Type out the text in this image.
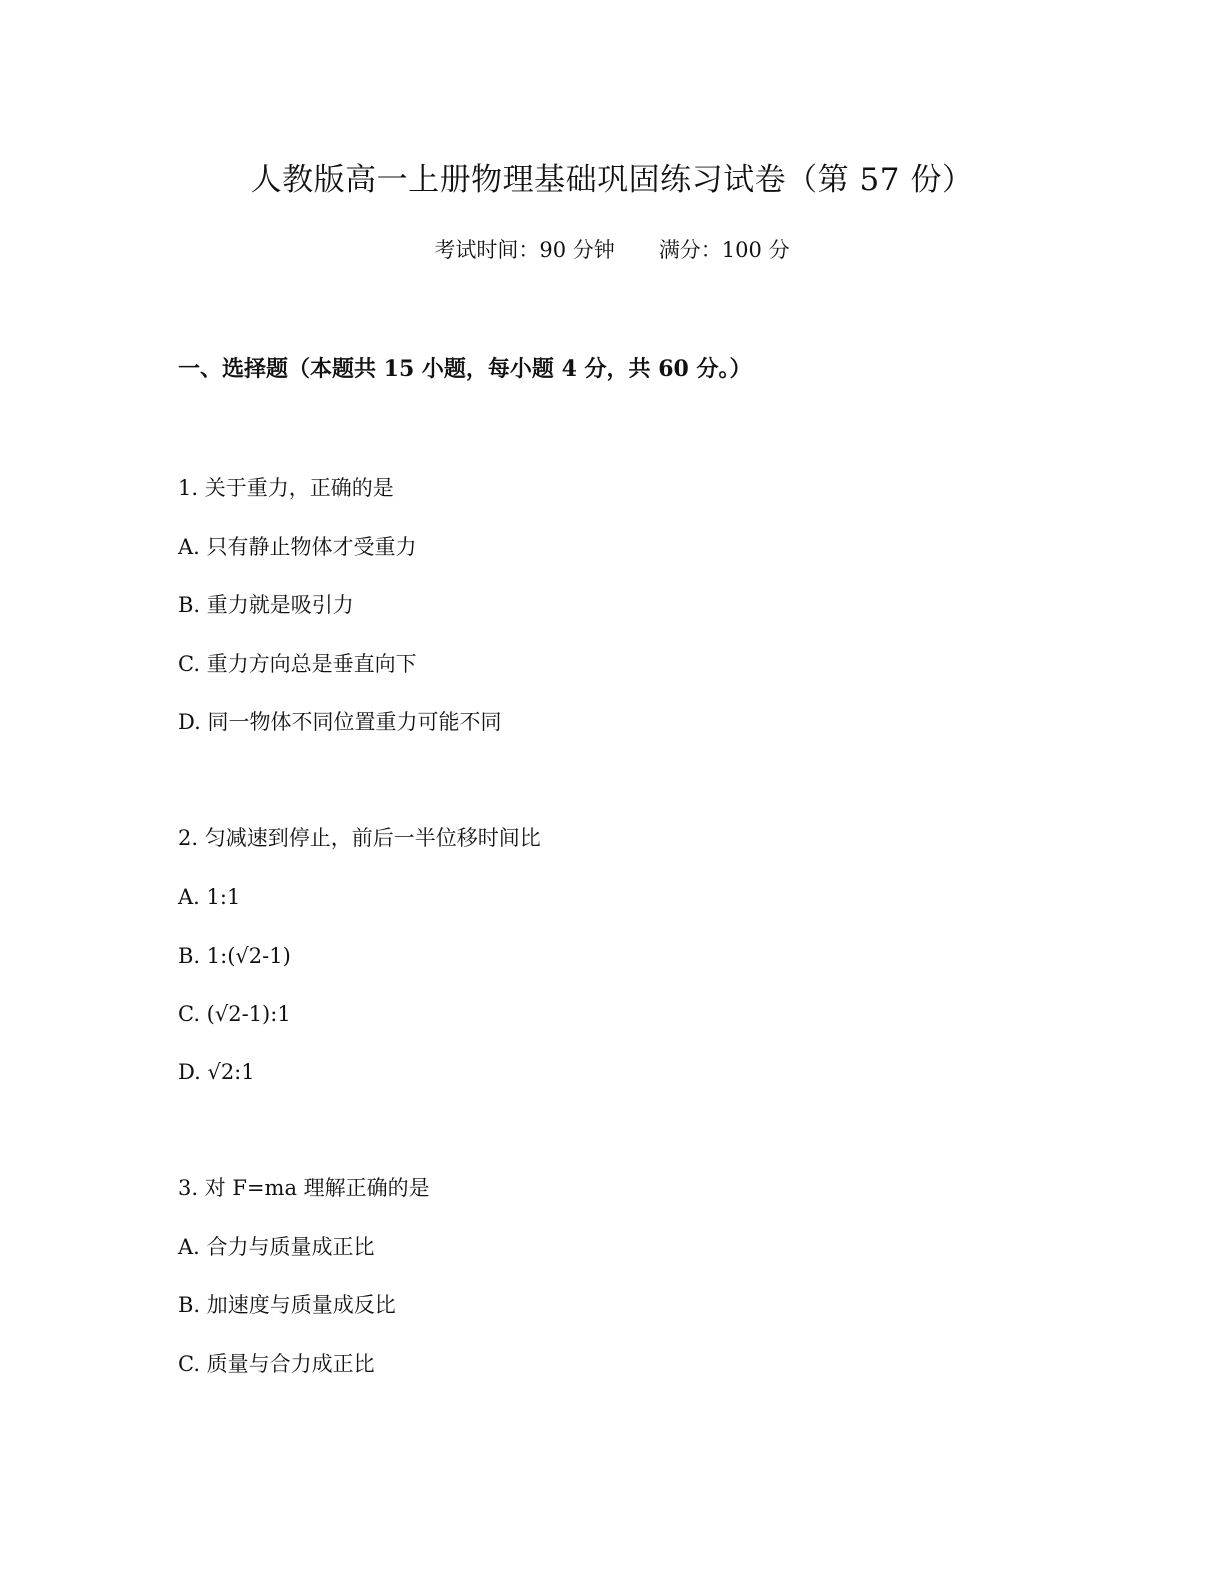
人教版高一上册物理基础巩固练习试卷（第 57 份）
考试时间：90 分钟 满分：100 分
一、选择题（本题共 15 小题，每小题 4 分，共 60 分。）
1. 关于重力，正确的是
A. 只有静止物体才受重力
B. 重力就是吸引力
C. 重力方向总是垂直向下
D. 同一物体不同位置重力可能不同
2. 匀减速到停止，前后一半位移时间比
A. 1:1
B. 1:(√2-1)
C. (√2-1):1
D. √2:1
3. 对 F=ma 理解正确的是
A. 合力与质量成正比
B. 加速度与质量成反比
C. 质量与合力成正比
